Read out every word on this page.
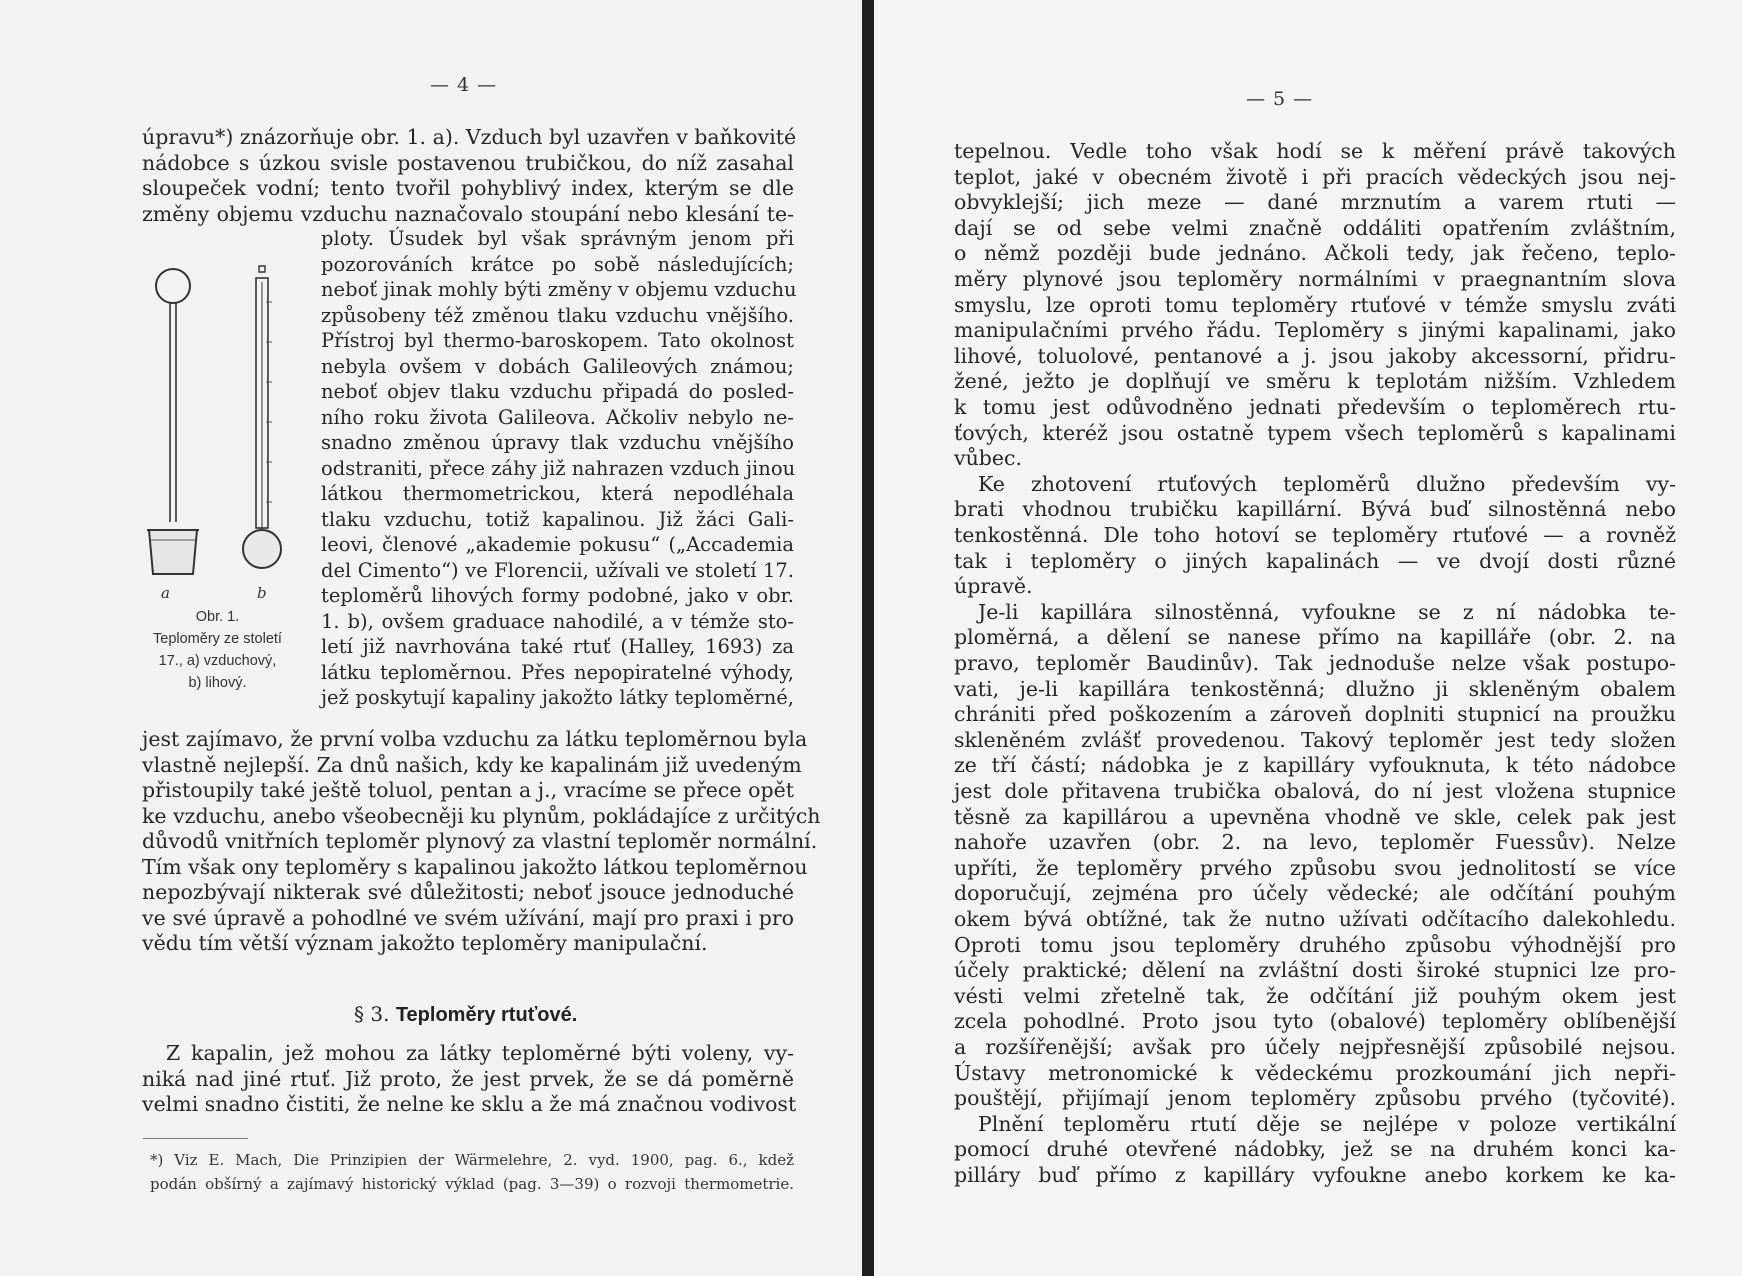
— 4 —
úpravu*) znázorňuje obr. 1. a). Vzduch byl uzavřen v baňkovité
nádobce s úzkou svisle postavenou trubičkou, do níž zasahal
sloupeček vodní; tento tvořil pohyblivý index, kterým se dle
změny objemu vzduchu naznačovalo stoupání nebo klesání te-
ploty. Úsudek byl však správným jenom při
pozorováních krátce po sobě následujících;
neboť jinak mohly býti změny v objemu vzduchu
způsobeny též změnou tlaku vzduchu vnějšího.
Přístroj byl thermo-baroskopem. Tato okolnost
nebyla ovšem v dobách Galileových známou;
neboť objev tlaku vzduchu připadá do posled-
ního roku života Galileova. Ačkoliv nebylo ne-
snadno změnou úpravy tlak vzduchu vnějšího
odstraniti, přece záhy již nahrazen vzduch jinou
látkou thermometrickou, která nepodléhala
tlaku vzduchu, totiž kapalinou. Již žáci Gali-
leovi, členové „akademie pokusu“ („Accademia
del Cimento“) ve Florencii, užívali ve století 17.
teploměrů lihových formy podobné, jako v obr.
1. b), ovšem graduace nahodilé, a v témže sto-
letí již navrhována také rtuť (Halley, 1693) za
látku teploměrnou. Přes nepopiratelné výhody,
jež poskytují kapaliny jakožto látky teploměrné,
a	b
Obr. 1.
Teploměry ze století
17., a) vzduchový,
b) lihový.
jest zajímavo, že první volba vzduchu za látku teploměrnou byla
vlastně nejlepší. Za dnů našich, kdy ke kapalinám již uvedeným
přistoupily také ještě toluol, pentan a j., vracíme se přece opět
ke vzduchu, anebo všeobecněji ku plynům, pokládajíce z určitých
důvodů vnitřních teploměr plynový za vlastní teploměr normální.
Tím však ony teploměry s kapalinou jakožto látkou teploměrnou
nepozbývají nikterak své důležitosti; neboť jsouce jednoduché
ve své úpravě a pohodlné ve svém užívání, mají pro praxi i pro
vědu tím větší význam jakožto teploměry manipulační.
§ 3. Teploměry rtuťové.
Z kapalin, jež mohou za látky teploměrné býti voleny, vy-
niká nad jiné rtuť. Již proto, že jest prvek, že se dá poměrně
velmi snadno čistiti, že nelne ke sklu a že má značnou vodivost
*) Viz E. Mach, Die Prinzipien der Wärmelehre, 2. vyd. 1900, pag. 6., kdež
podán obšírný a zajímavý historický výklad (pag. 3—39) o rozvoji thermometrie.
— 5 —
tepelnou. Vedle toho však hodí se k měření právě takových
teplot, jaké v obecném životě i při pracích vědeckých jsou nej-
obvyklejší; jich meze — dané mrznutím a varem rtuti —
dají se od sebe velmi značně oddáliti opatřením zvláštním,
o němž později bude jednáno. Ačkoli tedy, jak řečeno, teplo-
měry plynové jsou teploměry normálními v praegnantním slova
smyslu, lze oproti tomu teploměry rtuťové v témže smyslu zváti
manipulačními prvého řádu. Teploměry s jinými kapalinami, jako
lihové, toluolové, pentanové a j. jsou jakoby akcessorní, přidru-
žené, ježto je doplňují ve směru k teplotám nižším. Vzhledem
k tomu jest odůvodněno jednati především o teploměrech rtu-
ťových, kteréž jsou ostatně typem všech teploměrů s kapalinami
vůbec.
Ke zhotovení rtuťových teploměrů dlužno především vy-
brati vhodnou trubičku kapillární. Bývá buď silnostěnná nebo
tenkostěnná. Dle toho hotoví se teploměry rtuťové — a rovněž
tak i teploměry o jiných kapalinách — ve dvojí dosti různé
úpravě.
Je-li kapillára silnostěnná, vyfoukne se z ní nádobka te-
ploměrná, a dělení se nanese přímo na kapilláře (obr. 2. na
pravo, teploměr Baudinův). Tak jednoduše nelze však postupo-
vati, je-li kapillára tenkostěnná; dlužno ji skleněným obalem
chrániti před poškozením a zároveň doplniti stupnicí na proužku
skleněném zvlášť provedenou. Takový teploměr jest tedy složen
ze tří částí; nádobka je z kapilláry vyfouknuta, k této nádobce
jest dole přitavena trubička obalová, do ní jest vložena stupnice
těsně za kapillárou a upevněna vhodně ve skle, celek pak jest
nahoře uzavřen (obr. 2. na levo, teploměr Fuessův). Nelze
upříti, že teploměry prvého způsobu svou jednolitostí se více
doporučují, zejména pro účely vědecké; ale odčítání pouhým
okem bývá obtížné, tak že nutno užívati odčítacího dalekohledu.
Oproti tomu jsou teploměry druhého způsobu výhodnější pro
účely praktické; dělení na zvláštní dosti široké stupnici lze pro-
vésti velmi zřetelně tak, že odčítání již pouhým okem jest
zcela pohodlné. Proto jsou tyto (obalové) teploměry oblíbenější
a rozšířenější; avšak pro účely nejpřesnější způsobilé nejsou.
Ústavy metronomické k vědeckému prozkoumání jich nepři-
pouštějí, přijímají jenom teploměry způsobu prvého (tyčovité).
Plnění teploměru rtutí děje se nejlépe v poloze vertikální
pomocí druhé otevřené nádobky, jež se na druhém konci ka-
pilláry buď přímo z kapilláry vyfoukne anebo korkem ke ka-
